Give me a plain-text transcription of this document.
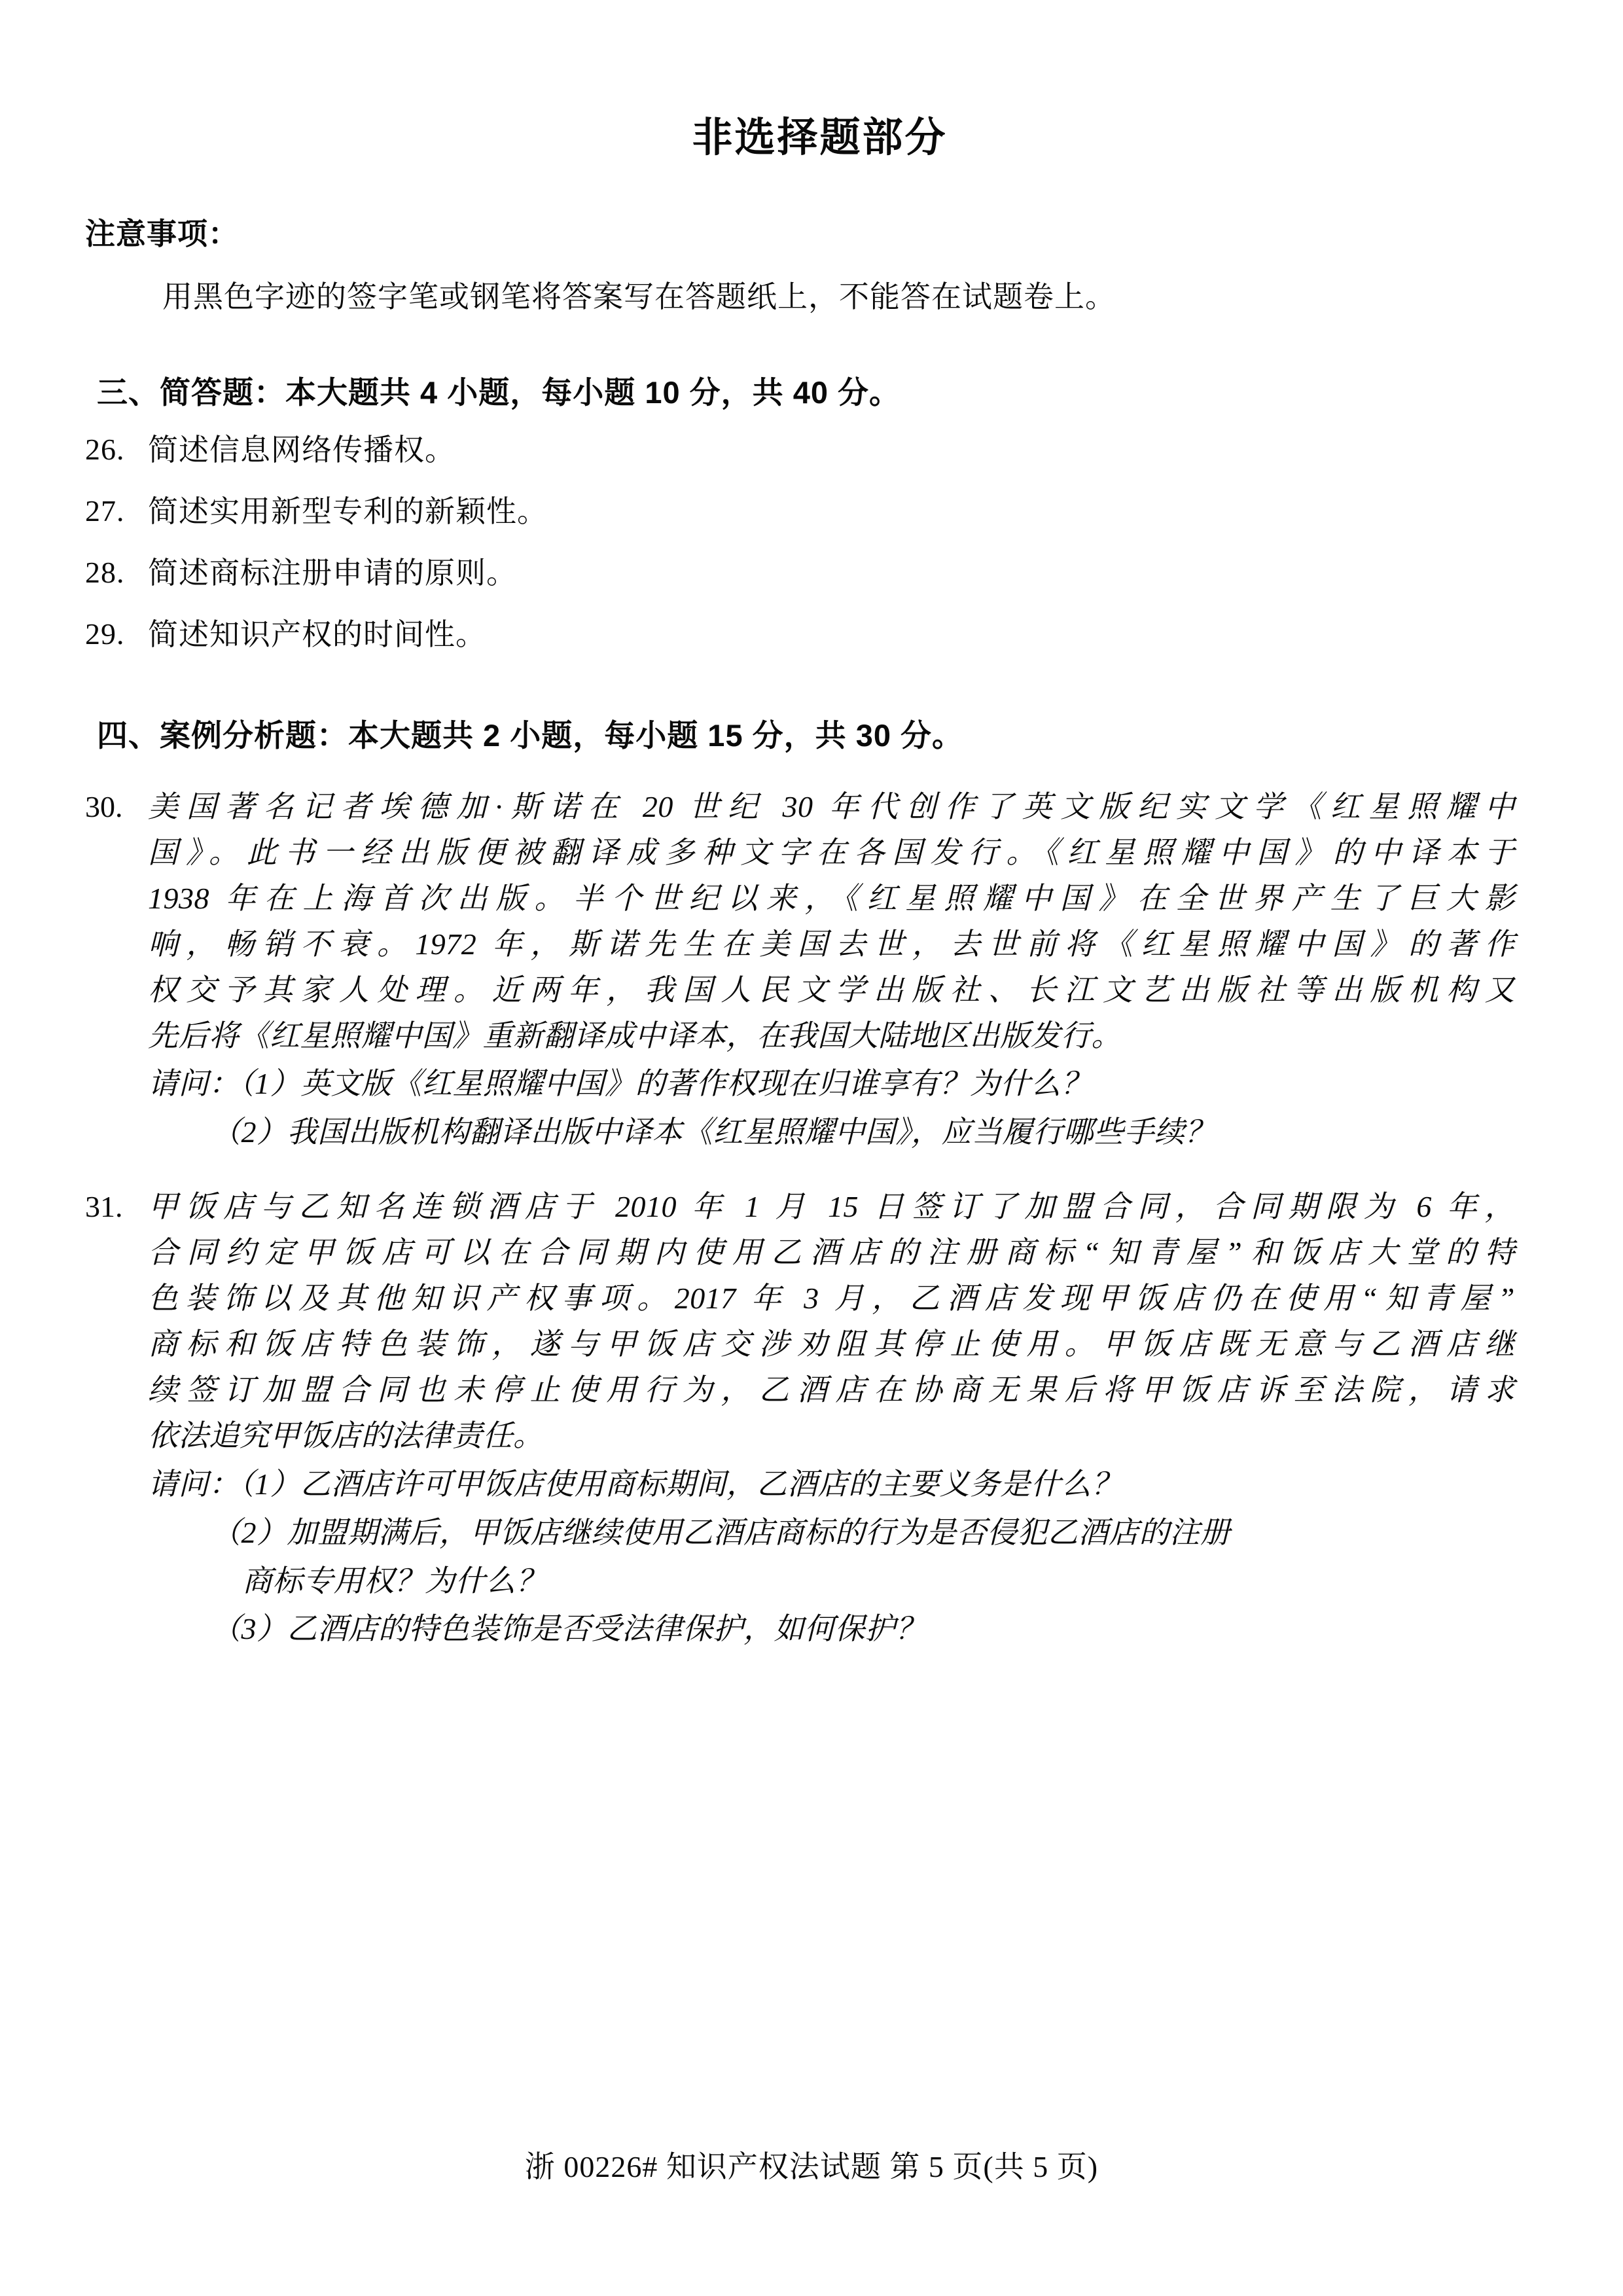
非选择题部分
注意事项：
用黑色字迹的签字笔或钢笔将答案写在答题纸上，不能答在试题卷上。
三、简答题：本大题共 4 小题，每小题 10 分，共 40 分。
26. 简述信息网络传播权。
27. 简述实用新型专利的新颖性。
28. 简述商标注册申请的原则。
29. 简述知识产权的时间性。
四、案例分析题：本大题共 2 小题，每小题 15 分，共 30 分。
30. 美国著名记者埃德加·斯诺在 20 世纪 30 年代创作了英文版纪实文学《红星照耀中
国》。此书一经出版便被翻译成多种文字在各国发行。《红星照耀中国》的中译本于
1938 年在上海首次出版。半个世纪以来，《红星照耀中国》在全世界产生了巨大影
响，畅销不衰。1972 年，斯诺先生在美国去世，去世前将《红星照耀中国》的著作
权交予其家人处理。近两年，我国人民文学出版社、长江文艺出版社等出版机构又
先后将《红星照耀中国》重新翻译成中译本，在我国大陆地区出版发行。
请问：（1）英文版《红星照耀中国》的著作权现在归谁享有？为什么？
（2）我国出版机构翻译出版中译本《红星照耀中国》，应当履行哪些手续？
31. 甲饭店与乙知名连锁酒店于 2010 年 1 月 15 日签订了加盟合同，合同期限为 6 年，
合同约定甲饭店可以在合同期内使用乙酒店的注册商标“知青屋”和饭店大堂的特
色装饰以及其他知识产权事项。2017 年 3 月，乙酒店发现甲饭店仍在使用“知青屋”
商标和饭店特色装饰，遂与甲饭店交涉劝阻其停止使用。甲饭店既无意与乙酒店继
续签订加盟合同也未停止使用行为，乙酒店在协商无果后将甲饭店诉至法院，请求
依法追究甲饭店的法律责任。
请问：（1）乙酒店许可甲饭店使用商标期间，乙酒店的主要义务是什么？
（2）加盟期满后，甲饭店继续使用乙酒店商标的行为是否侵犯乙酒店的注册
商标专用权？为什么？
（3）乙酒店的特色装饰是否受法律保护，如何保护？
浙 00226# 知识产权法试题 第 5 页(共 5 页)
